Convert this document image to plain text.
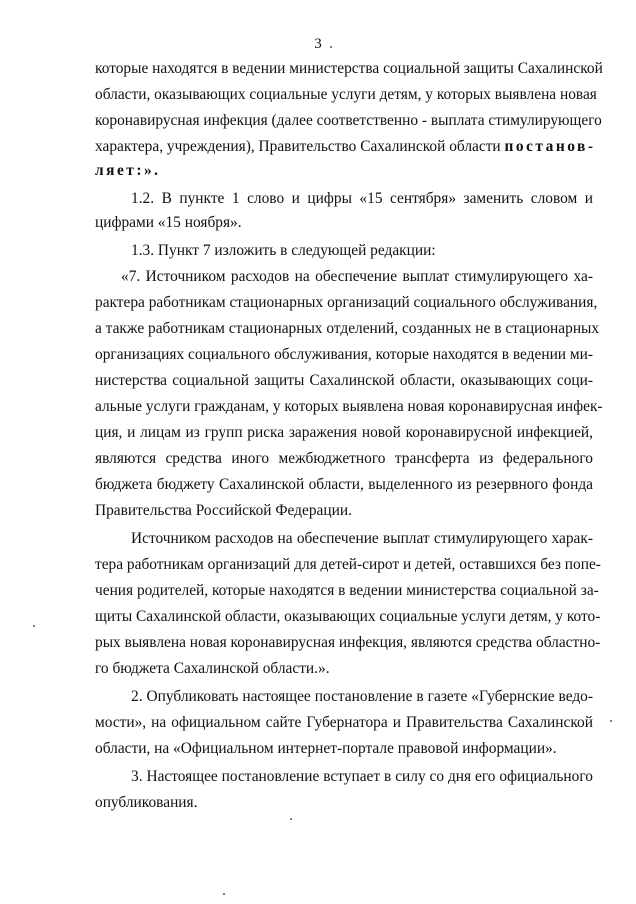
3
которые находятся в ведении министерства социальной защиты Сахалинской
области, оказывающих социальные услуги детям, у которых выявлена новая
коронавирусная инфекция (далее соответственно - выплата стимулирующего
характера, учреждения), Правительство Сахалинской области постанов-
ляет:».
1.2. В пункте 1 слово и цифры «15 сентября» заменить словом и
цифрами «15 ноября».
1.3. Пункт 7 изложить в следующей редакции:
«7. Источником расходов на обеспечение выплат стимулирующего ха-
рактера работникам стационарных организаций социального обслуживания,
а также работникам стационарных отделений, созданных не в стационарных
организациях социального обслуживания, которые находятся в ведении ми-
нистерства социальной защиты Сахалинской области, оказывающих соци-
альные услуги гражданам, у которых выявлена новая коронавирусная инфек-
ция, и лицам из групп риска заражения новой коронавирусной инфекцией,
являются средства иного межбюджетного трансферта из федерального
бюджета бюджету Сахалинской области, выделенного из резервного фонда
Правительства Российской Федерации.
Источником расходов на обеспечение выплат стимулирующего харак-
тера работникам организаций для детей-сирот и детей, оставшихся без попе-
чения родителей, которые находятся в ведении министерства социальной за-
щиты Сахалинской области, оказывающих социальные услуги детям, у кото-
рых выявлена новая коронавирусная инфекция, являются средства областно-
го бюджета Сахалинской области.».
2. Опубликовать настоящее постановление в газете «Губернские ведо-
мости», на официальном сайте Губернатора и Правительства Сахалинской
области, на «Официальном интернет-портале правовой информации».
3. Настоящее постановление вступает в силу со дня его официального
опубликования.
